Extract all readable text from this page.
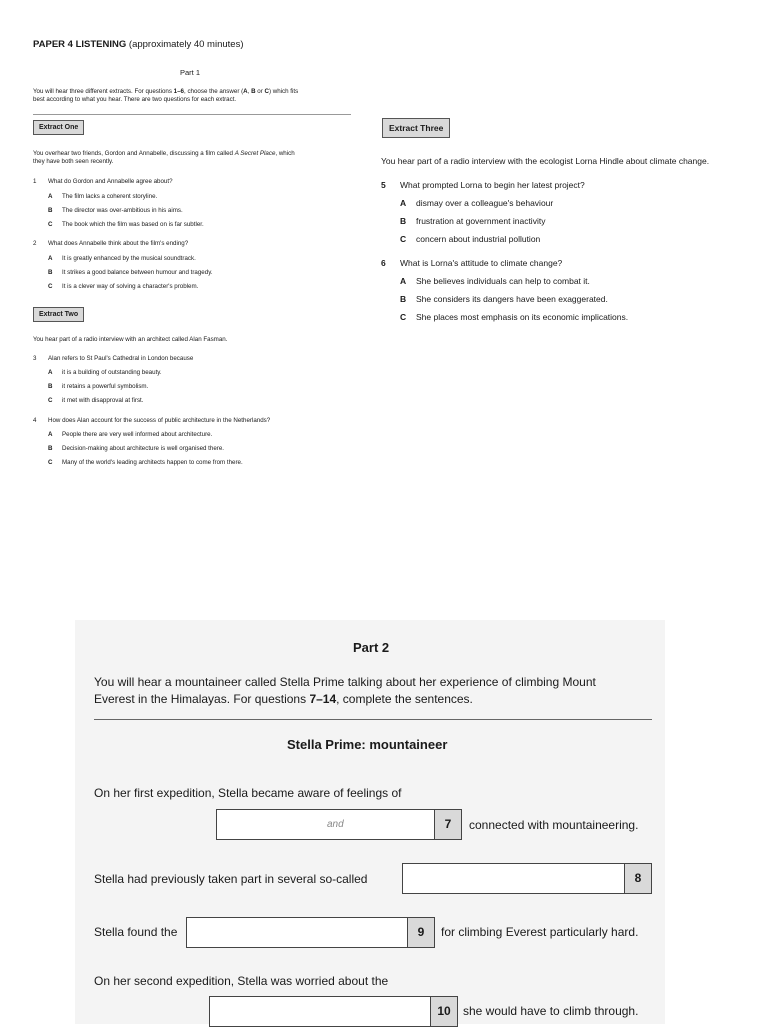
PAPER 4 LISTENING (approximately 40 minutes)
Part 1
You will hear three different extracts. For questions 1–6, choose the answer (A, B or C) which fits
best according to what you hear. There are two questions for each extract.
Extract One
You overhear two friends, Gordon and Annabelle, discussing a film called A Secret Place, which
they have both seen recently.
1	What do Gordon and Annabelle agree about?
A The film lacks a coherent storyline.
B The director was over-ambitious in his aims.
C The book which the film was based on is far subtler.
2	What does Annabelle think about the film's ending?
A It is greatly enhanced by the musical soundtrack.
B It strikes a good balance between humour and tragedy.
C It is a clever way of solving a character's problem.
Extract Two
You hear part of a radio interview with an architect called Alan Fasman.
3	Alan refers to St Paul's Cathedral in London because
A it is a building of outstanding beauty.
B it retains a powerful symbolism.
C it met with disapproval at first.
4	How does Alan account for the success of public architecture in the Netherlands?
A People there are very well informed about architecture.
B Decision-making about architecture is well organised there.
C Many of the world's leading architects happen to come from there.
Extract Three
You hear part of a radio interview with the ecologist Lorna Hindle about climate change.
5	What prompted Lorna to begin her latest project?
A dismay over a colleague's behaviour
B frustration at government inactivity
C concern about industrial pollution
6	What is Lorna's attitude to climate change?
A She believes individuals can help to combat it.
B She considers its dangers have been exaggerated.
C She places most emphasis on its economic implications.
Part 2
You will hear a mountaineer called Stella Prime talking about her experience of climbing Mount
Everest in the Himalayas. For questions 7–14, complete the sentences.
Stella Prime: mountaineer
On her first expedition, Stella became aware of feelings of
and	7	connected with mountaineering.
Stella had previously taken part in several so-called	8
Stella found the	9	for climbing Everest particularly hard.
On her second expedition, Stella was worried about the
10	she would have to climb through.
